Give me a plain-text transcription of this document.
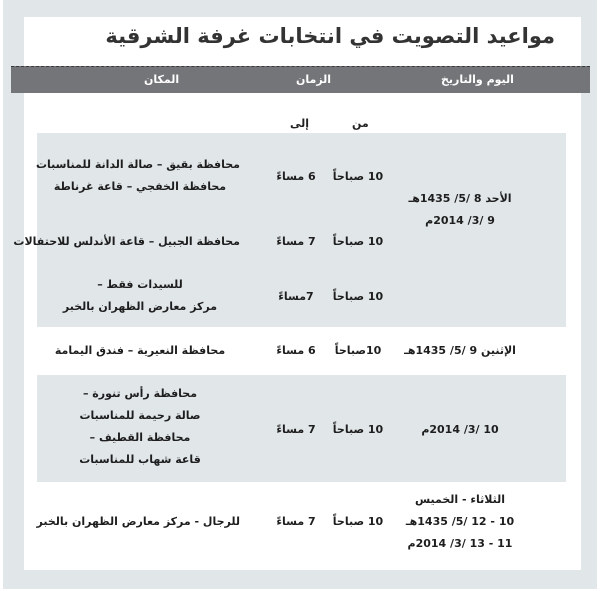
مواعيد التصويت في انتخابات غرفة الشرقية
اليوم والتاريخ
الزمان
المكان
من
إلى
الأحد 8 /5/ 1435هـ
9 /3/ 2014م
10 صباحاً
6 مساءً
محافظة بقيق – صالة الدانة للمناسبات
محافظة الخفجي – قاعة غرناطة
10 صباحاً
7 مساءً
محافظة الجبيل – قاعة الأندلس للاحتفالات
10 صباحاً
7مساءً
للسيدات فقط –
مركز معارض الظهران بالخبر
الإثنين 9 /5/ 1435هـ
10صباحاً
6 مساءً
محافظة النعيرية – فندق اليمامة
10 /3/ 2014م
10 صباحاً
7 مساءً
محافظة رأس تنورة –
صالة رحيمة للمناسبات
محافظة القطيف –
قاعة شهاب للمناسبات
الثلاثاء - الخميس
10 - 12 /5/ 1435هـ
11 - 13 /3/ 2014م
10 صباحاً
7 مساءً
للرجال - مركز معارض الظهران بالخبر
